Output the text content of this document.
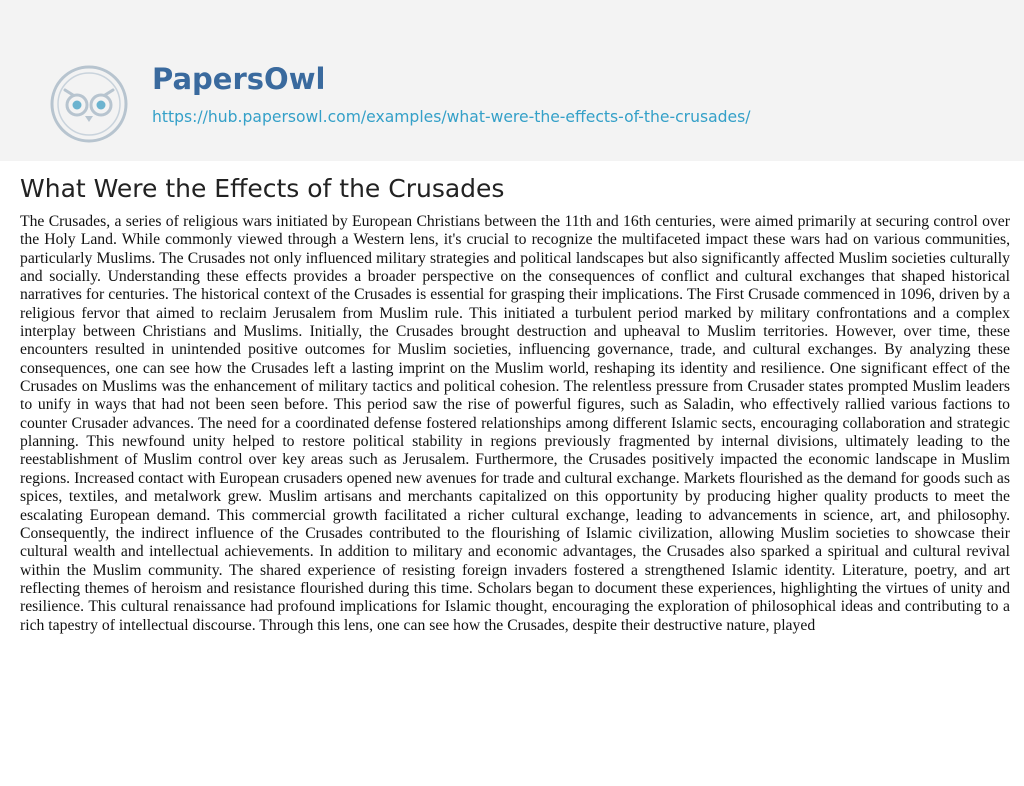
PapersOwl
https://hub.papersowl.com/examples/what-were-the-effects-of-the-crusades/
What Were the Effects of the Crusades

The Crusades, a series of religious wars initiated by European Christians between the 11th and 16th centuries, were aimed primarily at securing control over the Holy Land. While commonly viewed through a Western lens, it's crucial to recognize the multifaceted impact these wars had on various communities, particularly Muslims. The Crusades not only influenced military strategies and political landscapes but also significantly affected Muslim societies culturally and socially. Understanding these effects provides a broader perspective on the consequences of conflict and cultural exchanges that shaped historical narratives for centuries. The historical context of the Crusades is essential for grasping their implications. The First Crusade commenced in 1096, driven by a religious fervor that aimed to reclaim Jerusalem from Muslim rule. This initiated a turbulent period marked by military confrontations and a complex interplay between Christians and Muslims. Initially, the Crusades brought destruction and upheaval to Muslim territories. However, over time, these encounters resulted in unintended positive outcomes for Muslim societies, influencing governance, trade, and cultural exchanges. By analyzing these consequences, one can see how the Crusades left a lasting imprint on the Muslim world, reshaping its identity and resilience. One significant effect of the Crusades on Muslims was the enhancement of military tactics and political cohesion. The relentless pressure from Crusader states prompted Muslim leaders to unify in ways that had not been seen before. This period saw the rise of powerful figures, such as Saladin, who effectively rallied various factions to counter Crusader advances. The need for a coordinated defense fostered relationships among different Islamic sects, encouraging collaboration and strategic planning. This newfound unity helped to restore political stability in regions previously fragmented by internal divisions, ultimately leading to the reestablishment of Muslim control over key areas such as Jerusalem. Furthermore, the Crusades positively impacted the economic landscape in Muslim regions. Increased contact with European crusaders opened new avenues for trade and cultural exchange. Markets flourished as the demand for goods such as spices, textiles, and metalwork grew. Muslim artisans and merchants capitalized on this opportunity by producing higher quality products to meet the escalating European demand. This commercial growth facilitated a richer cultural exchange, leading to advancements in science, art, and philosophy. Consequently, the indirect influence of the Crusades contributed to the flourishing of Islamic civilization, allowing Muslim societies to showcase their cultural wealth and intellectual achievements. In addition to military and economic advantages, the Crusades also sparked a spiritual and cultural revival within the Muslim community. The shared experience of resisting foreign invaders fostered a strengthened Islamic identity. Literature, poetry, and art reflecting themes of heroism and resistance flourished during this time. Scholars began to document these experiences, highlighting the virtues of unity and resilience. This cultural renaissance had profound implications for Islamic thought, encouraging the exploration of philosophical ideas and contributing to a rich tapestry of intellectual discourse. Through this lens, one can see how the Crusades, despite their destructive nature, played
